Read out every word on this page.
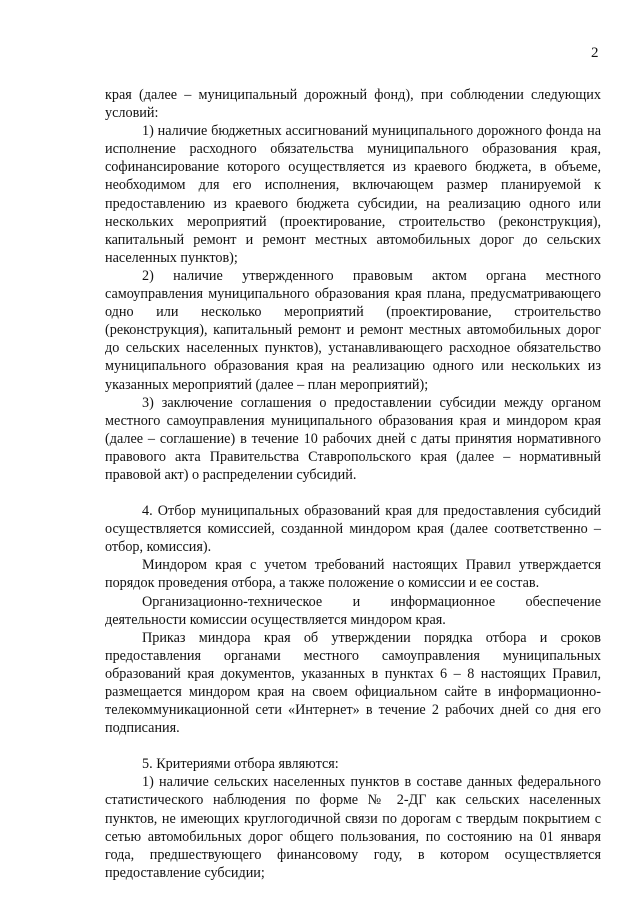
2

края (далее – муниципальный дорожный фонд), при соблюдении следующих условий:

1) наличие бюджетных ассигнований муниципального дорожного фонда на исполнение расходного обязательства муниципального образования края, софинансирование которого осуществляется из краевого бюджета, в объеме, необходимом для его исполнения, включающем размер планируемой к предоставлению из краевого бюджета субсидии, на реализацию одного или нескольких мероприятий (проектирование, строительство (реконструкция), капитальный ремонт и ремонт местных автомобильных дорог до сельских населенных пунктов);

2) наличие утвержденного правовым актом органа местного самоуправления муниципального образования края плана, предусматривающего одно или несколько мероприятий (проектирование, строительство (реконструкция), капитальный ремонт и ремонт местных автомобильных дорог до сельских населенных пунктов), устанавливающего расходное обязательство муниципального образования края на реализацию одного или нескольких из указанных мероприятий (далее – план мероприятий);

3) заключение соглашения о предоставлении субсидии между органом местного самоуправления муниципального образования края и миндором края (далее – соглашение) в течение 10 рабочих дней с даты принятия нормативного правового акта Правительства Ставропольского края (далее – нормативный правовой акт) о распределении субсидий.

4. Отбор муниципальных образований края для предоставления субсидий осуществляется комиссией, созданной миндором края (далее соответственно – отбор, комиссия).

Миндором края с учетом требований настоящих Правил утверждается порядок проведения отбора, а также положение о комиссии и ее состав.

Организационно-техническое и информационное обеспечение деятельности комиссии осуществляется миндором края.

Приказ миндора края об утверждении порядка отбора и сроков предоставления органами местного самоуправления муниципальных образований края документов, указанных в пунктах 6 – 8 настоящих Правил, размещается миндором края на своем официальном сайте в информационно-телекоммуникационной сети «Интернет» в течение 2 рабочих дней со дня его подписания.

5. Критериями отбора являются:

1) наличие сельских населенных пунктов в составе данных федерального статистического наблюдения по форме № 2-ДГ как сельских населенных пунктов, не имеющих круглогодичной связи по дорогам с твердым покрытием с сетью автомобильных дорог общего пользования, по состоянию на 01 января года, предшествующего финансовому году, в котором осуществляется предоставление субсидии;
